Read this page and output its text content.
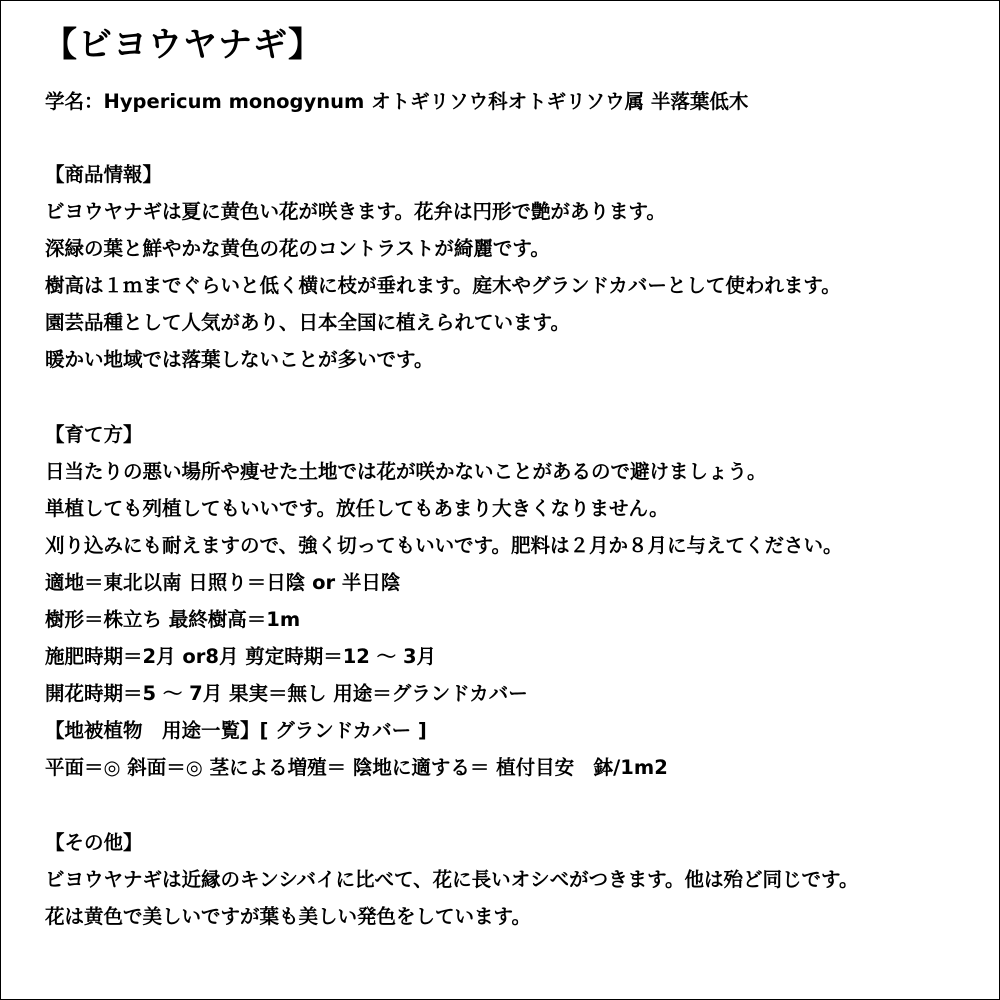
【ビヨウヤナギ】
学名：Hypericum monogynum オトギリソウ科オトギリソウ属 半落葉低木
【商品情報】
ビヨウヤナギは夏に黄色い花が咲きます。花弁は円形で艶があります。
深緑の葉と鮮やかな黄色の花のコントラストが綺麗です。
樹高は１ｍまでぐらいと低く横に枝が垂れます。庭木やグランドカバーとして使われます。
園芸品種として人気があり、日本全国に植えられています。
暖かい地域では落葉しないことが多いです。
【育て方】
日当たりの悪い場所や痩せた土地では花が咲かないことがあるので避けましょう。
単植しても列植してもいいです。放任してもあまり大きくなりません。
刈り込みにも耐えますので、強く切ってもいいです。肥料は２月か８月に与えてください。
適地＝東北以南 日照り＝日陰 or 半日陰
樹形＝株立ち 最終樹高＝1m
施肥時期＝2月 or8月 剪定時期＝12 ～ 3月
開花時期＝5 ～ 7月 果実＝無し 用途＝グランドカバー
【地被植物　用途一覧】[ グランドカバー ]
平面＝◎ 斜面＝◎ 茎による増殖＝ 陰地に適する＝ 植付目安　鉢/1m2
【その他】
ビヨウヤナギは近縁のキンシバイに比べて、花に長いオシベがつきます。他は殆ど同じです。
花は黄色で美しいですが葉も美しい発色をしています。
